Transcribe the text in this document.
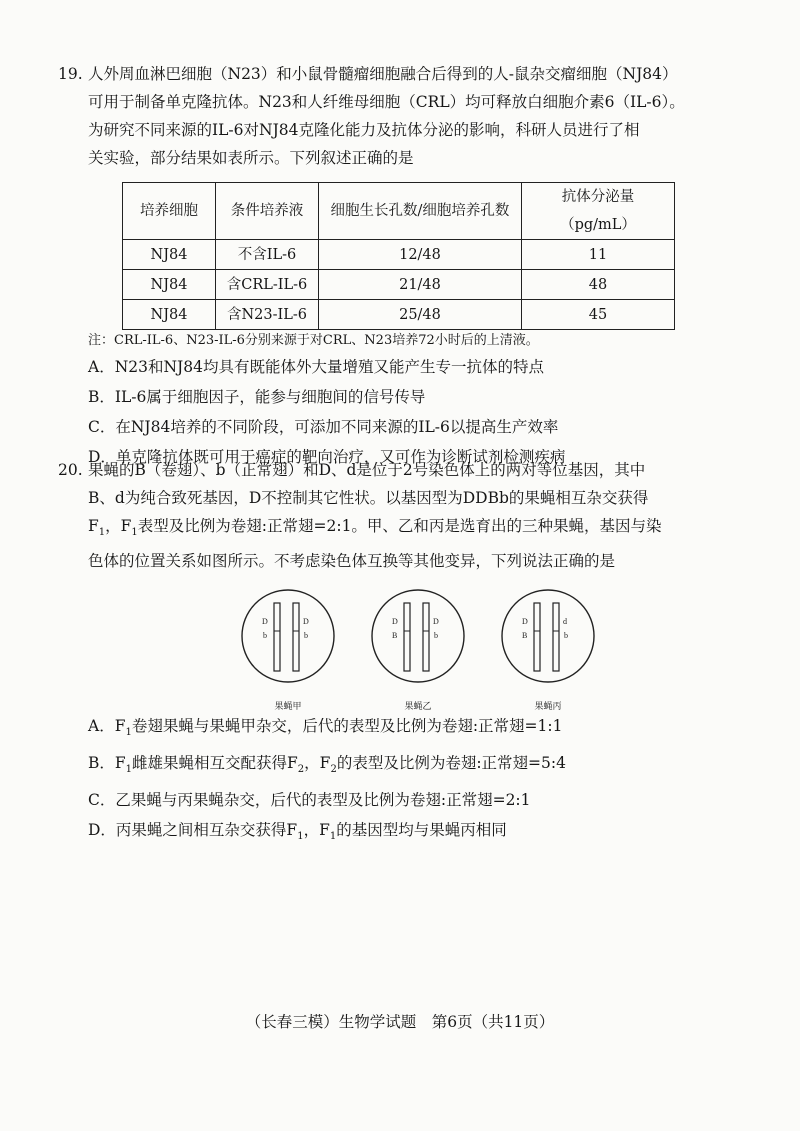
19. 人外周血淋巴细胞（N23）和小鼠骨髓瘤细胞融合后得到的人-鼠杂交瘤细胞（NJ84）

可用于制备单克隆抗体。N23和人纤维母细胞（CRL）均可释放白细胞介素6（IL-6）。

为研究不同来源的IL-6对NJ84克隆化能力及抗体分泌的影响，科研人员进行了相

关实验，部分结果如表所示。下列叙述正确的是

培养细胞	条件培养液	细胞生长孔数/细胞培养孔数	抗体分泌量（pg/mL）
NJ84	不含IL-6	12/48	11
NJ84	含CRL-IL-6	21/48	48
NJ84	含N23-IL-6	25/48	45

注：CRL-IL-6、N23-IL-6分别来源于对CRL、N23培养72小时后的上清液。

A．N23和NJ84均具有既能体外大量增殖又能产生专一抗体的特点

B．IL-6属于细胞因子，能参与细胞间的信号传导

C．在NJ84培养的不同阶段，可添加不同来源的IL-6以提高生产效率

D．单克隆抗体既可用于癌症的靶向治疗，又可作为诊断试剂检测疾病

20. 果蝇的B（卷翅）、b（正常翅）和D、d是位于2号染色体上的两对等位基因，其中

B、d为纯合致死基因，D不控制其它性状。以基因型为DDBb的果蝇相互杂交获得

$F_1$，$F_1$表型及比例为卷翅:正常翅=2:1。甲、乙和丙是选育出的三种果蝇，基因与染

色体的位置关系如图所示。不考虑染色体互换等其他变异，下列说法正确的是

D
b
D
b
D
B
D
b
D
B
d
b
果蝇甲	果蝇乙	果蝇丙

A．$F_1$卷翅果蝇与果蝇甲杂交，后代的表型及比例为卷翅:正常翅=1:1

B．$F_1$雌雄果蝇相互交配获得$F_2$，$F_2$的表型及比例为卷翅:正常翅=5:4

C．乙果蝇与丙果蝇杂交，后代的表型及比例为卷翅:正常翅=2:1

D．丙果蝇之间相互杂交获得$F_1$，$F_1$的基因型均与果蝇丙相同

（长春三模）生物学试题　第6页（共11页）
